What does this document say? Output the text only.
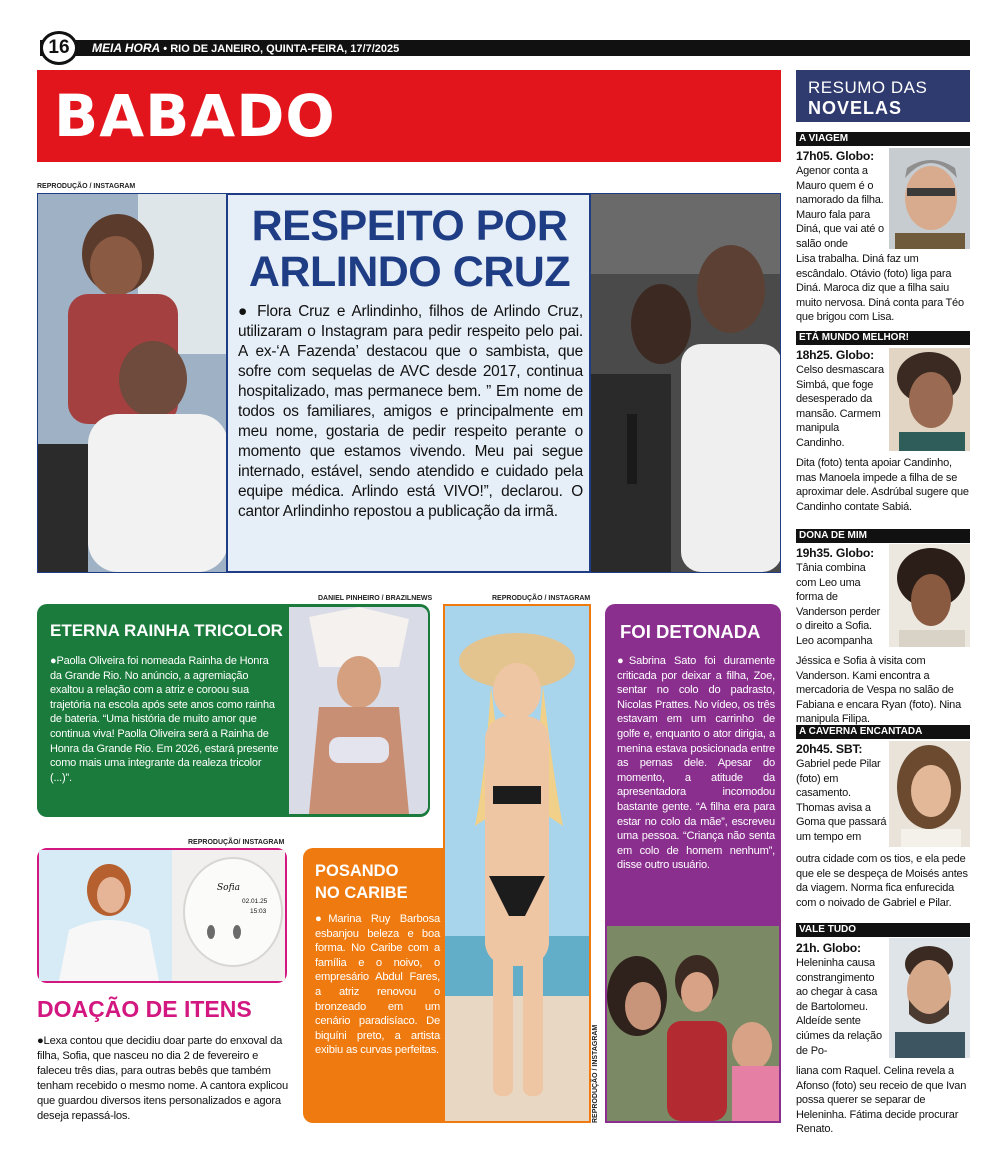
16	MEIA HORA • RIO DE JANEIRO, QUINTA-FEIRA, 17/7/2025
BABADO
REPRODUÇÃO / INSTAGRAM
RESPEITO POR
ARLINDO CRUZ
● Flora Cruz e Arlindinho, filhos de Arlindo Cruz, utilizaram o Instagram para pedir respeito pelo pai. A ex-‘A Fazenda’ destacou que o sambista, que sofre com sequelas de AVC desde 2017, continua hospitalizado, mas permanece bem. ” Em nome de todos os familiares, amigos e principalmente em meu nome, gostaria de pedir respeito perante o momento que estamos vivendo. Meu pai segue internado, estável, sendo atendido e cuidado pela equipe médica. Arlindo está VIVO!”, declarou. O cantor Arlindinho repostou a publicação da irmã.
DANIEL PINHEIRO / BRAZILNEWS
ETERNA RAINHA TRICOLOR
●Paolla Oliveira foi nomeada Rainha de Honra da Grande Rio. No anúncio, a agremiação exaltou a relação com a atriz e coroou sua trajetória na escola após sete anos como rainha de bateria. “Uma história de muito amor que continua viva! Paolla Oliveira será a Rainha de Honra da Grande Rio. Em 2026, estará presente como mais uma integrante da realeza tricolor (...)”.
REPRODUÇÃO/ INSTAGRAM
Sofia
02.01.25
15:03
DOAÇÃO DE ITENS
●Lexa contou que decidiu doar parte do enxoval da filha, Sofia, que nasceu no dia 2 de fevereiro e faleceu três dias, para outras bebês que também tenham recebido o mesmo nome. A cantora explicou que guardou diversos itens personalizados e agora deseja repassá-los.
REPRODUÇÃO / INSTAGRAM
POSANDO
NO CARIBE
●Marina Ruy Barbosa esbanjou beleza e boa forma. No Caribe com a família e o noivo, o empresário Abdul Fares, a atriz renovou o bronzeado em um cenário paradisíaco. De biquíni preto, a artista exibiu as curvas perfeitas.
FOI DETONADA
●Sabrina Sato foi duramente criticada por deixar a filha, Zoe, sentar no colo do padrasto, Nicolas Prattes. No vídeo, os três estavam em um carrinho de golfe e, enquanto o ator dirigia, a menina estava posicionada entre as pernas dele. Apesar do momento, a atitude da apresentadora incomodou bastante gente. “A filha era para estar no colo da mãe”, escreveu uma pessoa. “Criança não senta em colo de homem nenhum”, disse outro usuário.
REPRODUÇÃO / INSTAGRAM
RESUMO DAS
NOVELAS
A VIAGEM
17h05. Globo:
Agenor conta a Mauro quem é o namorado da filha. Mauro fala para Diná, que vai até o salão onde
Lisa trabalha. Diná faz um escândalo. Otávio (foto) liga para Diná. Maroca diz que a filha saiu muito nervosa. Diná conta para Téo que brigou com Lisa.
ETÁ MUNDO MELHOR!
18h25. Globo:
Celso desmascara Simbá, que foge desesperado da mansão. Carmem manipula Candinho.
Dita (foto) tenta apoiar Candinho, mas Manoela impede a filha de se aproximar dele. Asdrúbal sugere que Candinho contate Sabiá.
DONA DE MIM
19h35. Globo:
Tânia combina com Leo uma forma de Vanderson perder o direito a Sofia. Leo acompanha
Jéssica e Sofia à visita com Vanderson. Kami encontra a mercadoria de Vespa no salão de Fabiana e encara Ryan (foto). Nina manipula Filipa.
A CAVERNA ENCANTADA
20h45. SBT:
Gabriel pede Pilar (foto) em casamento. Thomas avisa a Goma que passará um tempo em
outra cidade com os tios, e ela pede que ele se despeça de Moisés antes da viagem. Norma fica enfurecida com o noivado de Gabriel e Pilar.
VALE TUDO
21h. Globo:
Heleninha causa constrangimento ao chegar à casa de Bartolomeu. Aldeíde sente ciúmes da relação de Po-
liana com Raquel. Celina revela a Afonso (foto) seu receio de que Ivan possa querer se separar de Heleninha. Fátima decide procurar Renato.
